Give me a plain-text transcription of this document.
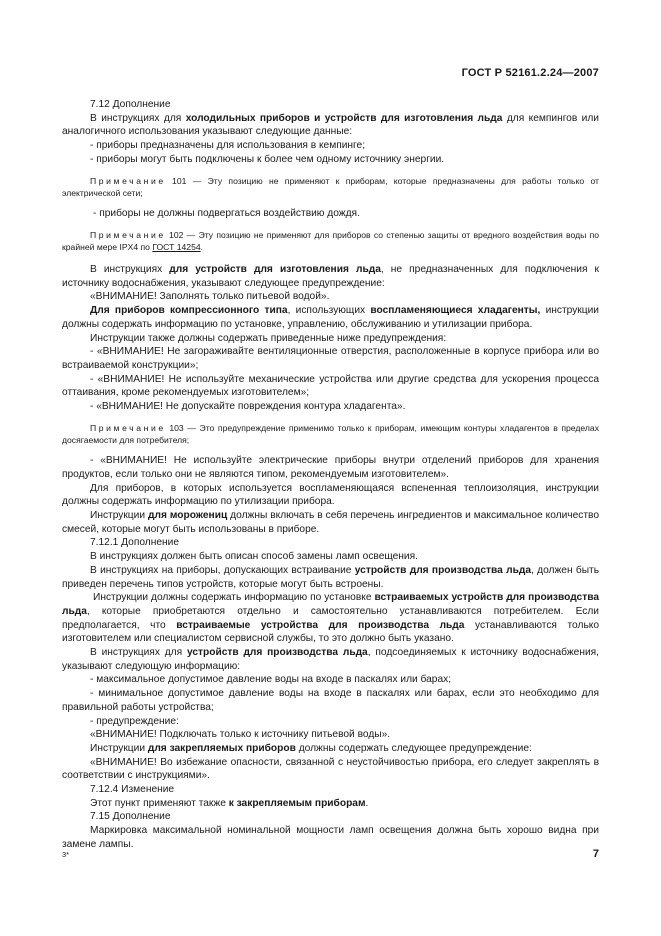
ГОСТ Р 52161.2.24—2007

7.12 Дополнение

В инструкциях для холодильных приборов и устройств для изготовления льда для кемпингов или аналогичного использования указывают следующие данные:

- приборы предназначены для использования в кемпинге;

- приборы могут быть подключены к более чем одному источнику энергии.

Примечание 101 — Эту позицию не применяют к приборам, которые предназначены для работы только от электрической сети;

- приборы не должны подвергаться воздействию дождя.

Примечание 102 — Эту позицию не применяют для приборов со степенью защиты от вредного воздействия воды по крайней мере IPX4 по ГОСТ 14254.

В инструкциях для устройств для изготовления льда, не предназначенных для подключения к источнику водоснабжения, указывают следующее предупреждение:

«ВНИМАНИЕ! Заполнять только питьевой водой».

Для приборов компрессионного типа, использующих воспламеняющиеся хладагенты, инструкции должны содержать информацию по установке, управлению, обслуживанию и утилизации прибора.

Инструкции также должны содержать приведенные ниже предупреждения:

- «ВНИМАНИЕ! Не загораживайте вентиляционные отверстия, расположенные в корпусе прибора или во встраиваемой конструкции»;

- «ВНИМАНИЕ! Не используйте механические устройства или другие средства для ускорения процесса оттаивания, кроме рекомендуемых изготовителем»;

- «ВНИМАНИЕ! Не допускайте повреждения контура хладагента».

Примечание 103 — Это предупреждение применимо только к приборам, имеющим контуры хладагентов в пределах досягаемости для потребителя;

- «ВНИМАНИЕ! Не используйте электрические приборы внутри отделений приборов для хранения продуктов, если только они не являются типом, рекомендуемым изготовителем».

Для приборов, в которых используется воспламеняющаяся вспененная теплоизоляция, инструкции должны содержать информацию по утилизации прибора.

Инструкции для морожениц должны включать в себя перечень ингредиентов и максимальное количество смесей, которые могут быть использованы в приборе.

7.12.1 Дополнение

В инструкциях должен быть описан способ замены ламп освещения.

В инструкциях на приборы, допускающих встраивание устройств для производства льда, должен быть приведен перечень типов устройств, которые могут быть встроены.

Инструкции должны содержать информацию по установке встраиваемых устройств для производства льда, которые приобретаются отдельно и самостоятельно устанавливаются потребителем. Если предполагается, что встраиваемые устройства для производства льда устанавливаются только изготовителем или специалистом сервисной службы, то это должно быть указано.

В инструкциях для устройств для производства льда, подсоединяемых к источнику водоснабжения, указывают следующую информацию:

- максимальное допустимое давление воды на входе в паскалях или барах;

- минимальное допустимое давление воды на входе в паскалях или барах, если это необходимо для правильной работы устройства;

- предупреждение:

«ВНИМАНИЕ! Подключать только к источнику питьевой воды».

Инструкции для закрепляемых приборов должны содержать следующее предупреждение:

«ВНИМАНИЕ! Во избежание опасности, связанной с неустойчивостью прибора, его следует закреплять в соответствии с инструкциями».

7.12.4 Изменение

Этот пункт применяют также к закрепляемым приборам.

7.15 Дополнение

Маркировка максимальной номинальной мощности ламп освещения должна быть хорошо видна при замене лампы.

3*	7
